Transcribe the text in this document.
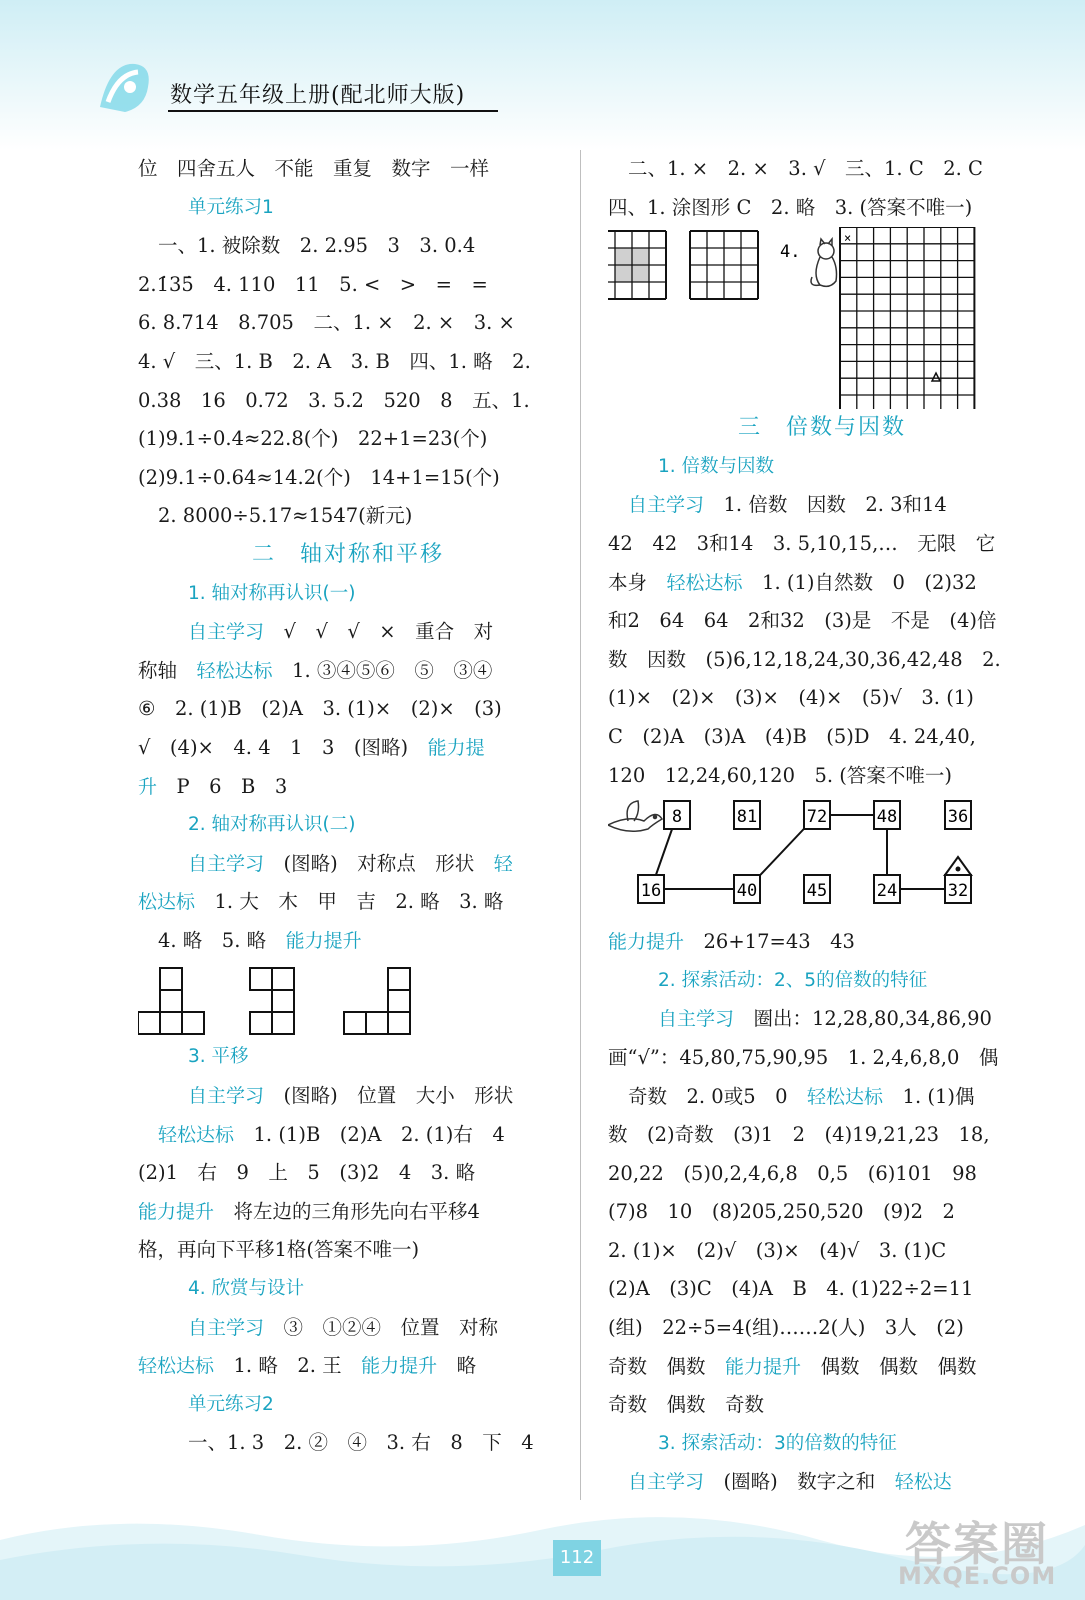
数学五年级上册(配北师大版)
位　四舍五人　不能　重复　数字　一样
单元练习1
一、1. 被除数　2. 2.95　3　3. 0.4̇
2.1̇35̇　4. 110　11　5. <　>　=　=
6. 8.714　8.705　二、1. ×　2. ×　3. ×
4. √　三、1. B　2. A　3. B　四、1. 略　2.
0.38　16　0.72　3. 5.2　520　8　五、1.
(1)9.1÷0.4≈22.8(个)　22+1=23(个)
(2)9.1÷0.64≈14.2(个)　14+1=15(个)
2. 8000÷5.17≈1547(新元)
二　轴对称和平移
1. 轴对称再认识(一)
自主学习　√　√　√　×　重合　对
称轴　轻松达标　1. ③④⑤⑥　⑤　③④
⑥　2. (1)B　(2)A　3. (1)×　(2)×　(3)
√　(4)×　4. 4　1　3　(图略)　能力提
升　P　6　B　3
2. 轴对称再认识(二)
自主学习　(图略)　对称点　形状　轻
松达标　1. 大　木　甲　吉　2. 略　3. 略
4. 略　5. 略　能力提升
3. 平移
自主学习　(图略)　位置　大小　形状
轻松达标　1. (1)B　(2)A　2. (1)右　4
(2)1　右　9　上　5　(3)2　4　3. 略
能力提升　将左边的三角形先向右平移4
格，再向下平移1格(答案不唯一)
4. 欣赏与设计
自主学习　③　①②④　位置　对称
轻松达标　1. 略　2. 王　能力提升　略
单元练习2
一、1. 3　2. ②　④　3. 右　8　下　4
二、1. ×　2. ×　3. √　三、1. C　2. C
四、1. 涂图形 C　2. 略　3. (答案不唯一)
4.
×
三　倍数与因数
1. 倍数与因数
自主学习　1. 倍数　因数　2. 3和14
42　42　3和14　3. 5,10,15,…　无限　它
本身　轻松达标　1. (1)自然数　0　(2)32
和2　64　64　2和32　(3)是　不是　(4)倍
数　因数　(5)6,12,18,24,30,36,42,48　2.
(1)×　(2)×　(3)×　(4)×　(5)√　3. (1)
C　(2)A　(3)A　(4)B　(5)D　4. 24,40,
120　12,24,60,120　5. (答案不唯一)
8	81	72	48	36
16	40	45	24	32
能力提升　26+17=43　43
2. 探索活动：2、5的倍数的特征
自主学习　圈出：12,28,80,34,86,90
画“√”：45,80,75,90,95　1. 2,4,6,8,0　偶
奇数　2. 0或5　0　轻松达标　1. (1)偶
数　(2)奇数　(3)1　2　(4)19,21,23　18,
20,22　(5)0,2,4,6,8　0,5　(6)101　98
(7)8　10　(8)205,250,520　(9)2　2
2. (1)×　(2)√　(3)×　(4)√　3. (1)C
(2)A　(3)C　(4)A　B　4. (1)22÷2=11
(组)　22÷5=4(组)……2(人)　3人　(2)
奇数　偶数　能力提升　偶数　偶数　偶数
奇数　偶数　奇数
3. 探索活动：3的倍数的特征
自主学习　(圈略)　数字之和　轻松达
112	答案圈
MXQE.COM
